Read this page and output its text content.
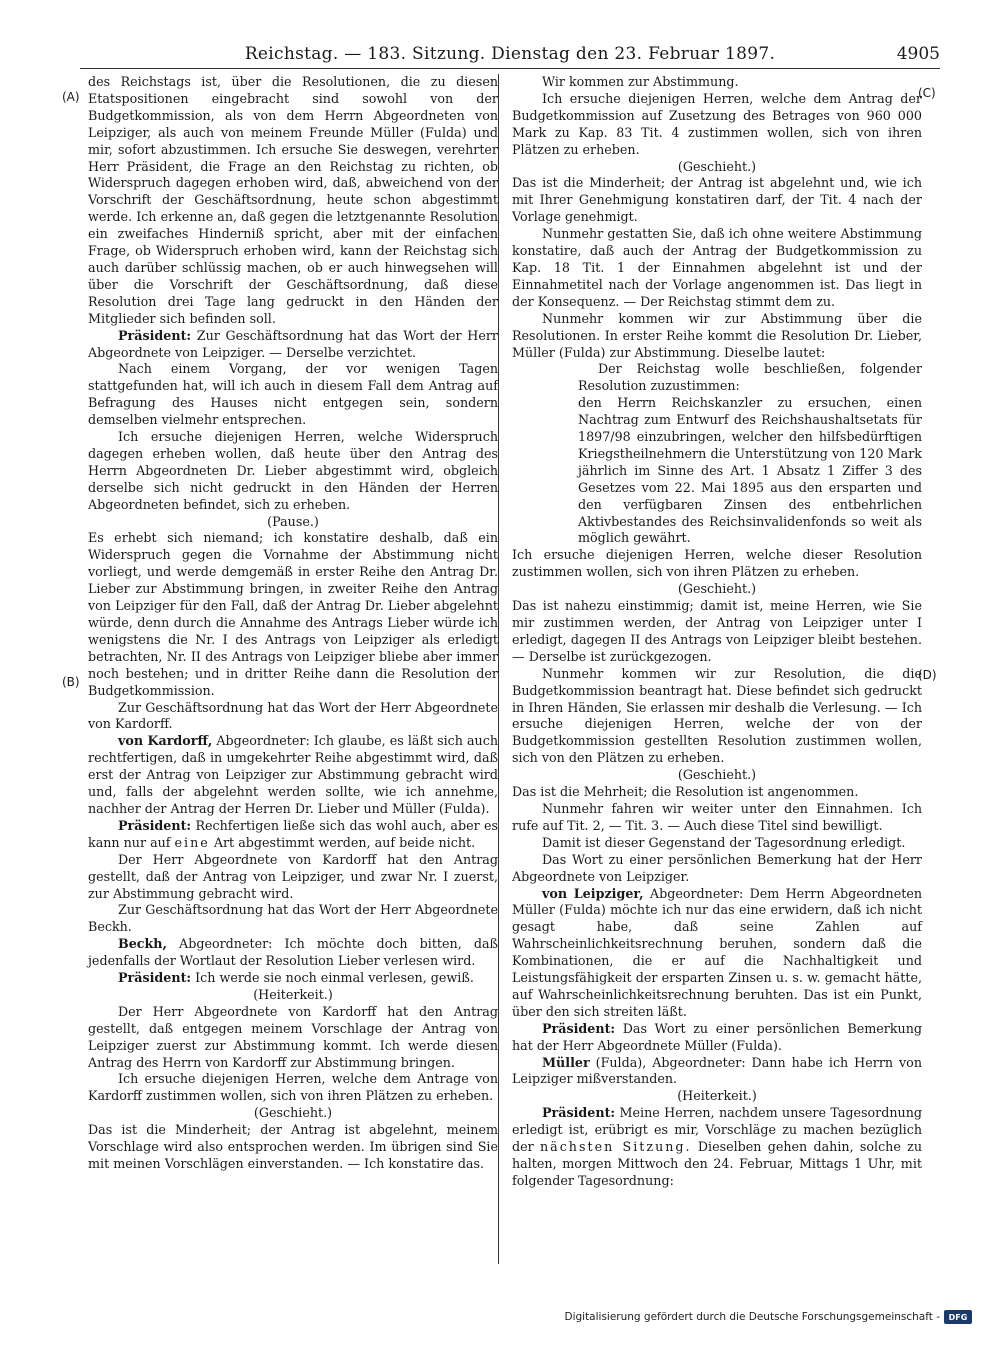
Reichstag. — 183. Sitzung. Dienstag den 23. Februar 1897.	4905
(A)
(B)
(C)
(D)

des Reichstags ist, über die Resolutionen, die zu diesen Etatspositionen eingebracht sind sowohl von der Budgetkommission, als von dem Herrn Abgeordneten von Leipziger, als auch von meinem Freunde Müller (Fulda) und mir, sofort abzustimmen. Ich ersuche Sie deswegen, verehrter Herr Präsident, die Frage an den Reichstag zu richten, ob Widerspruch dagegen erhoben wird, daß, abweichend von der Vorschrift der Geschäftsordnung, heute schon abgestimmt werde. Ich erkenne an, daß gegen die letztgenannte Resolution ein zweifaches Hinderniß spricht, aber mit der einfachen Frage, ob Widerspruch erhoben wird, kann der Reichstag sich auch darüber schlüssig machen, ob er auch hinwegsehen will über die Vorschrift der Geschäftsordnung, daß diese Resolution drei Tage lang gedruckt in den Händen der Mitglieder sich befinden soll.

Präsident: Zur Geschäftsordnung hat das Wort der Herr Abgeordnete von Leipziger. — Derselbe verzichtet.

Nach einem Vorgang, der vor wenigen Tagen stattgefunden hat, will ich auch in diesem Fall dem Antrag auf Befragung des Hauses nicht entgegen sein, sondern demselben vielmehr entsprechen.

Ich ersuche diejenigen Herren, welche Widerspruch dagegen erheben wollen, daß heute über den Antrag des Herrn Abgeordneten Dr. Lieber abgestimmt wird, obgleich derselbe sich nicht gedruckt in den Händen der Herren Abgeordneten befindet, sich zu erheben.

(Pause.)

Es erhebt sich niemand; ich konstatire deshalb, daß ein Widerspruch gegen die Vornahme der Abstimmung nicht vorliegt, und werde demgemäß in erster Reihe den Antrag Dr. Lieber zur Abstimmung bringen, in zweiter Reihe den Antrag von Leipziger für den Fall, daß der Antrag Dr. Lieber abgelehnt würde, denn durch die Annahme des Antrags Lieber würde ich wenigstens die Nr. I des Antrags von Leipziger als erledigt betrachten, Nr. II des Antrags von Leipziger bliebe aber immer noch bestehen; und in dritter Reihe dann die Resolution der Budgetkommission.

Zur Geschäftsordnung hat das Wort der Herr Abgeordnete von Kardorff.

von Kardorff, Abgeordneter: Ich glaube, es läßt sich auch rechtfertigen, daß in umgekehrter Reihe abgestimmt wird, daß erst der Antrag von Leipziger zur Abstimmung gebracht wird und, falls der abgelehnt werden sollte, wie ich annehme, nachher der Antrag der Herren Dr. Lieber und Müller (Fulda).

Präsident: Rechfertigen ließe sich das wohl auch, aber es kann nur auf eine Art abgestimmt werden, auf beide nicht.

Der Herr Abgeordnete von Kardorff hat den Antrag gestellt, daß der Antrag von Leipziger, und zwar Nr. I zuerst, zur Abstimmung gebracht wird.

Zur Geschäftsordnung hat das Wort der Herr Abgeordnete Beckh.

Beckh, Abgeordneter: Ich möchte doch bitten, daß jedenfalls der Wortlaut der Resolution Lieber verlesen wird.

Präsident: Ich werde sie noch einmal verlesen, gewiß.

(Heiterkeit.)

Der Herr Abgeordnete von Kardorff hat den Antrag gestellt, daß entgegen meinem Vorschlage der Antrag von Leipziger zuerst zur Abstimmung kommt. Ich werde diesen Antrag des Herrn von Kardorff zur Abstimmung bringen.

Ich ersuche diejenigen Herren, welche dem Antrage von Kardorff zustimmen wollen, sich von ihren Plätzen zu erheben.

(Geschieht.)

Das ist die Minderheit; der Antrag ist abgelehnt, meinem Vorschlage wird also entsprochen werden. Im übrigen sind Sie mit meinen Vorschlägen einverstanden. — Ich konstatire das.

Wir kommen zur Abstimmung.

Ich ersuche diejenigen Herren, welche dem Antrag der Budgetkommission auf Zusetzung des Betrages von 960 000 Mark zu Kap. 83 Tit. 4 zustimmen wollen, sich von ihren Plätzen zu erheben.

(Geschieht.)

Das ist die Minderheit; der Antrag ist abgelehnt und, wie ich mit Ihrer Genehmigung konstatiren darf, der Tit. 4 nach der Vorlage genehmigt.

Nunmehr gestatten Sie, daß ich ohne weitere Abstimmung konstatire, daß auch der Antrag der Budgetkommission zu Kap. 18 Tit. 1 der Einnahmen abgelehnt ist und der Einnahmetitel nach der Vorlage angenommen ist. Das liegt in der Konsequenz. — Der Reichstag stimmt dem zu.

Nunmehr kommen wir zur Abstimmung über die Resolutionen. In erster Reihe kommt die Resolution Dr. Lieber, Müller (Fulda) zur Abstimmung. Dieselbe lautet:

Der Reichstag wolle beschließen, folgender Resolution zuzustimmen:

den Herrn Reichskanzler zu ersuchen, einen Nachtrag zum Entwurf des Reichshaushaltsetats für 1897/98 einzubringen, welcher den hilfsbedürftigen Kriegstheilnehmern die Unterstützung von 120 Mark jährlich im Sinne des Art. 1 Absatz 1 Ziffer 3 des Gesetzes vom 22. Mai 1895 aus den ersparten und den verfügbaren Zinsen des entbehrlichen Aktivbestandes des Reichsinvalidenfonds so weit als möglich gewährt.

Ich ersuche diejenigen Herren, welche dieser Resolution zustimmen wollen, sich von ihren Plätzen zu erheben.

(Geschieht.)

Das ist nahezu einstimmig; damit ist, meine Herren, wie Sie mir zustimmen werden, der Antrag von Leipziger unter I erledigt, dagegen II des Antrags von Leipziger bleibt bestehen. — Derselbe ist zurückgezogen.

Nunmehr kommen wir zur Resolution, die die Budgetkommission beantragt hat. Diese befindet sich gedruckt in Ihren Händen, Sie erlassen mir deshalb die Verlesung. — Ich ersuche diejenigen Herren, welche der von der Budgetkommission gestellten Resolution zustimmen wollen, sich von den Plätzen zu erheben.

(Geschieht.)

Das ist die Mehrheit; die Resolution ist angenommen.

Nunmehr fahren wir weiter unter den Einnahmen. Ich rufe auf Tit. 2, — Tit. 3. — Auch diese Titel sind bewilligt.

Damit ist dieser Gegenstand der Tagesordnung erledigt.

Das Wort zu einer persönlichen Bemerkung hat der Herr Abgeordnete von Leipziger.

von Leipziger, Abgeordneter: Dem Herrn Abgeordneten Müller (Fulda) möchte ich nur das eine erwidern, daß ich nicht gesagt habe, daß seine Zahlen auf Wahrscheinlichkeitsrechnung beruhen, sondern daß die Kombinationen, die er auf die Nachhaltigkeit und Leistungsfähigkeit der ersparten Zinsen u. s. w. gemacht hätte, auf Wahrscheinlichkeitsrechnung beruhten. Das ist ein Punkt, über den sich streiten läßt.

Präsident: Das Wort zu einer persönlichen Bemerkung hat der Herr Abgeordnete Müller (Fulda).

Müller (Fulda), Abgeordneter: Dann habe ich Herrn von Leipziger mißverstanden.

(Heiterkeit.)

Präsident: Meine Herren, nachdem unsere Tagesordnung erledigt ist, erübrigt es mir, Vorschläge zu machen bezüglich der nächsten Sitzung. Dieselben gehen dahin, solche zu halten, morgen Mittwoch den 24. Februar, Mittags 1 Uhr, mit folgender Tagesordnung:

Digitalisierung gefördert durch die Deutsche Forschungsgemeinschaft -	DFG
